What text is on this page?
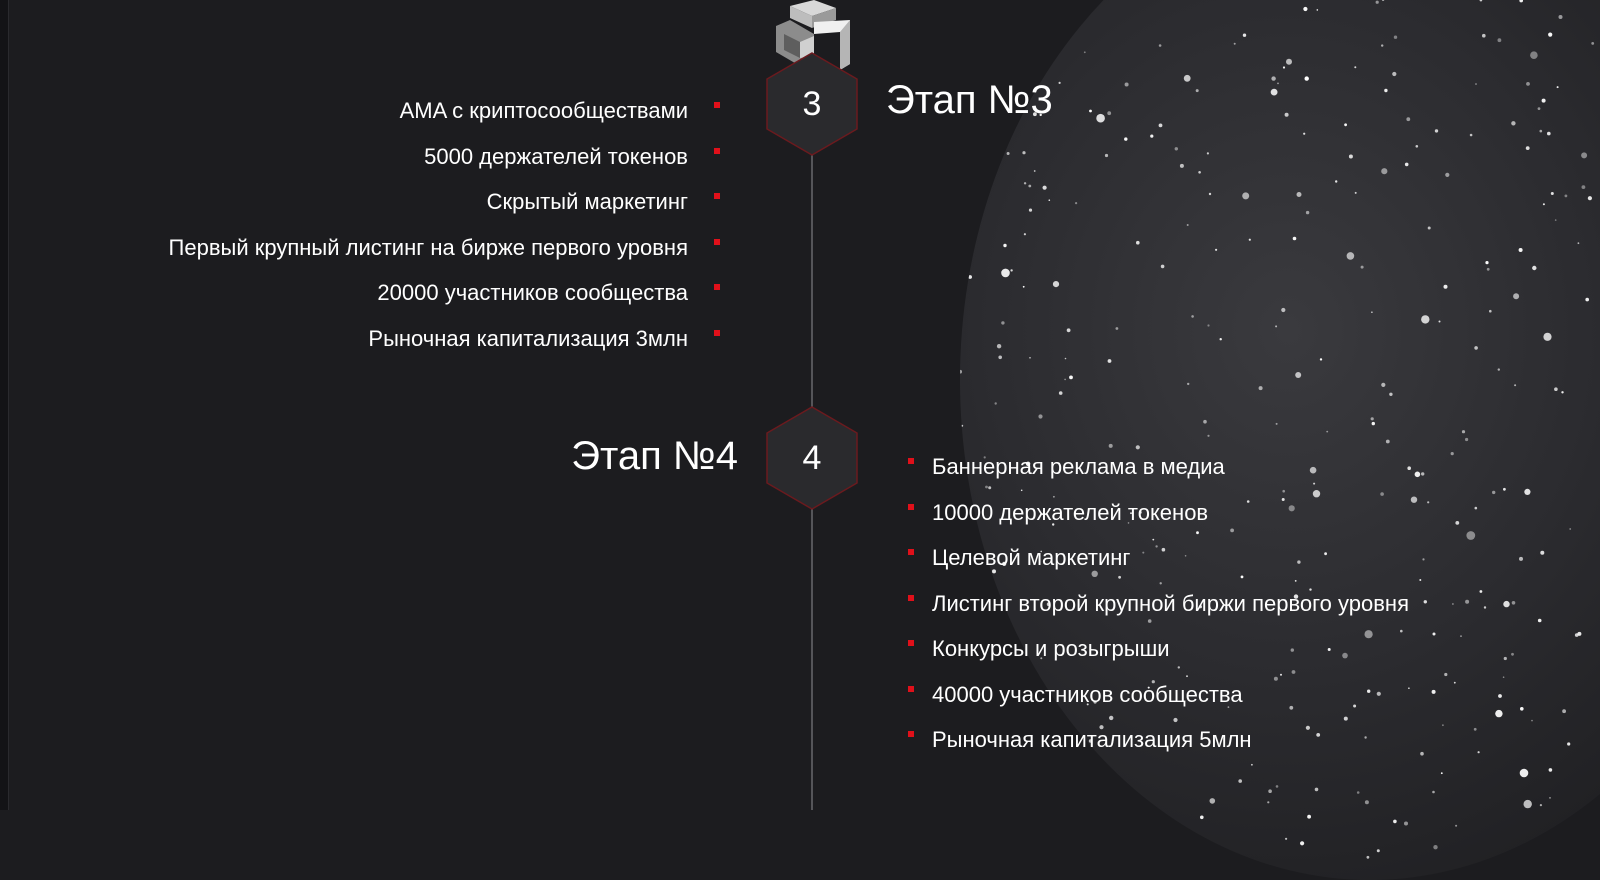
3	Этап №3
AMA с криптосообществами
5000 держателей токенов
Скрытый маркетинг
Первый крупный листинг на бирже первого уровня
20000 участников сообщества
Рыночная капитализация 3млн
4
Этап №4	Баннерная реклама в медиа
10000 держателей токенов
Целевой маркетинг
Листинг второй крупной биржи первого уровня
Конкурсы и розыгрыши
40000 участников сообщества
Рыночная капитализация 5млн
